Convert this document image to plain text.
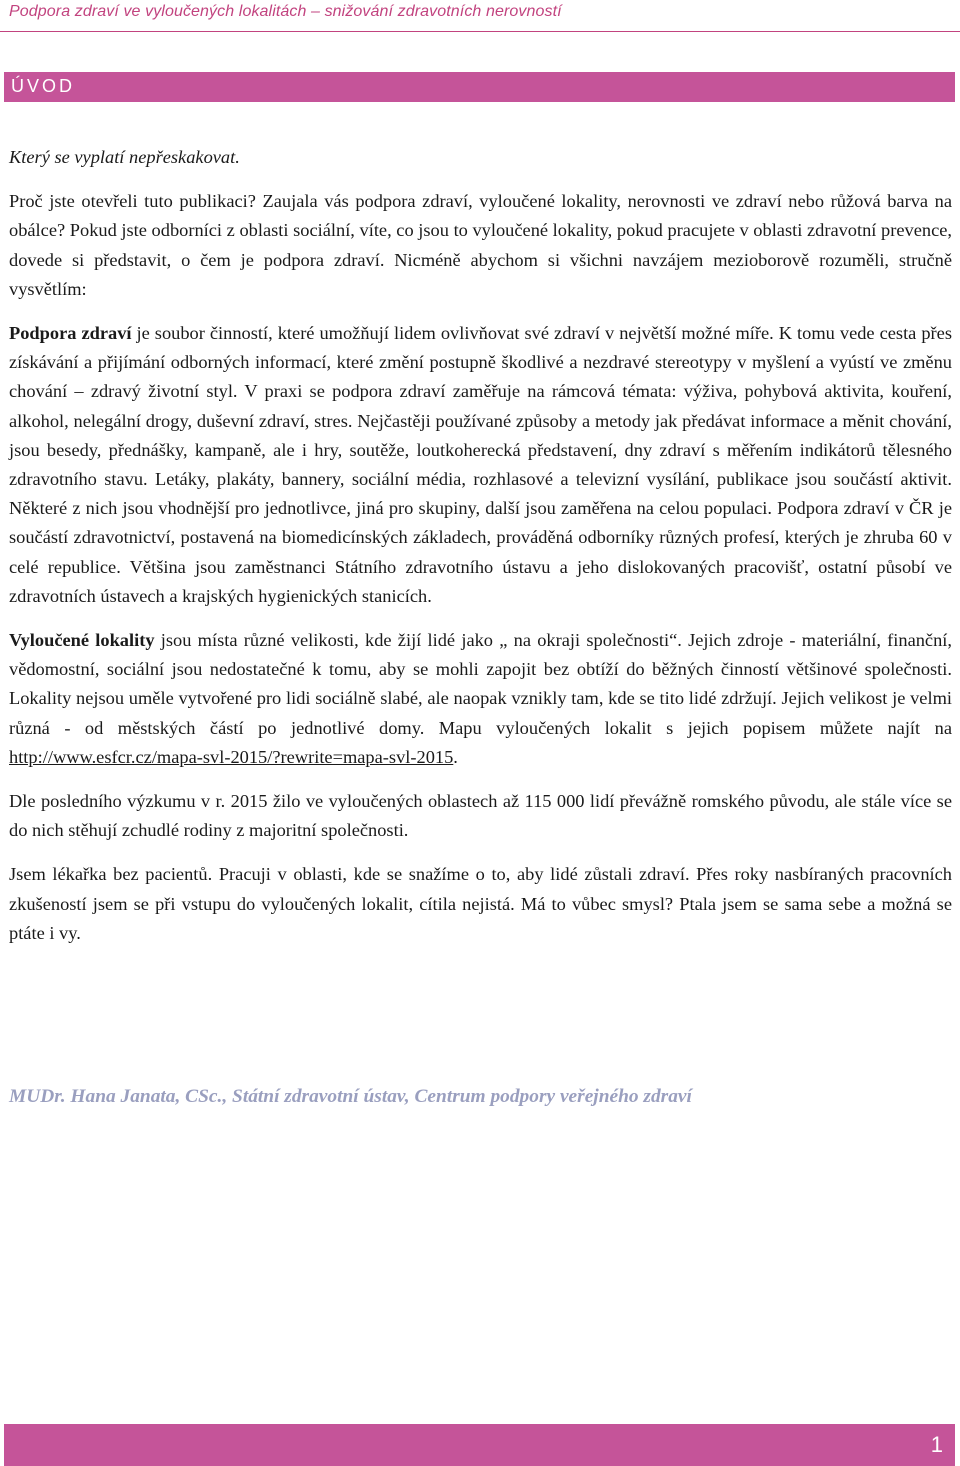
Podpora zdraví ve vyloučených lokalitách – snižování zdravotních nerovností
ÚVOD

Který se vyplatí nepřeskakovat.

Proč jste otevřeli tuto publikaci? Zaujala vás podpora zdraví, vyloučené lokality, nerovnosti ve zdraví nebo růžová barva na obálce? Pokud jste odborníci z oblasti sociální, víte, co jsou to vyloučené lokality, pokud pracujete v oblasti zdravotní prevence, dovede si představit, o čem je podpora zdraví. Nicméně abychom si všichni navzájem mezioborově rozuměli, stručně vysvětlím:

Podpora zdraví je soubor činností, které umožňují lidem ovlivňovat své zdraví v největší možné míře. K tomu vede cesta přes získávání a přijímání odborných informací, které změní postupně škodlivé a nezdravé stereotypy v myšlení a vyústí ve změnu chování – zdravý životní styl. V praxi se podpora zdraví zaměřuje na rámcová témata: výživa, pohybová aktivita, kouření, alkohol, nelegální drogy, duševní zdraví, stres. Nejčastěji používané způsoby a metody jak předávat informace a měnit chování, jsou besedy, přednášky, kampaně, ale i hry, soutěže, loutkoherecká představení, dny zdraví s měřením indikátorů tělesného zdravotního stavu. Letáky, plakáty, bannery, sociální média, rozhlasové a televizní vysílání, publikace jsou součástí aktivit. Některé z nich jsou vhodnější pro jednotlivce, jiná pro skupiny, další jsou zaměřena na celou populaci. Podpora zdraví v ČR je součástí zdravotnictví, postavená na biomedicínských základech, prováděná odborníky různých profesí, kterých je zhruba 60 v celé republice. Většina jsou zaměstnanci Státního zdravotního ústavu a jeho dislokovaných pracovišť, ostatní působí ve zdravotních ústavech a krajských hygienických stanicích.

Vyloučené lokality jsou místa různé velikosti, kde žijí lidé jako „ na okraji společnosti“. Jejich zdroje - materiální, finanční, vědomostní, sociální jsou nedostatečné k tomu, aby se mohli zapojit bez obtíží do běžných činností většinové společnosti. Lokality nejsou uměle vytvořené pro lidi sociálně slabé, ale naopak vznikly tam, kde se tito lidé zdržují. Jejich velikost je velmi různá - od městských částí po jednotlivé domy. Mapu vyloučených lokalit s jejich popisem můžete najít na http://www.esfcr.cz/mapa-svl-2015/?rewrite=mapa-svl-2015.

Dle posledního výzkumu v r. 2015 žilo ve vyloučených oblastech až 115 000 lidí převážně romského původu, ale stále více se do nich stěhují zchudlé rodiny z majoritní společnosti.

Jsem lékařka bez pacientů. Pracuji v oblasti, kde se snažíme o to, aby lidé zůstali zdraví. Přes roky nasbíraných pracovních zkušeností jsem se při vstupu do vyloučených lokalit, cítila nejistá. Má to vůbec smysl? Ptala jsem se sama sebe a možná se ptáte i vy.

MUDr. Hana Janata, CSc., Státní zdravotní ústav, Centrum podpory veřejného zdraví
1
